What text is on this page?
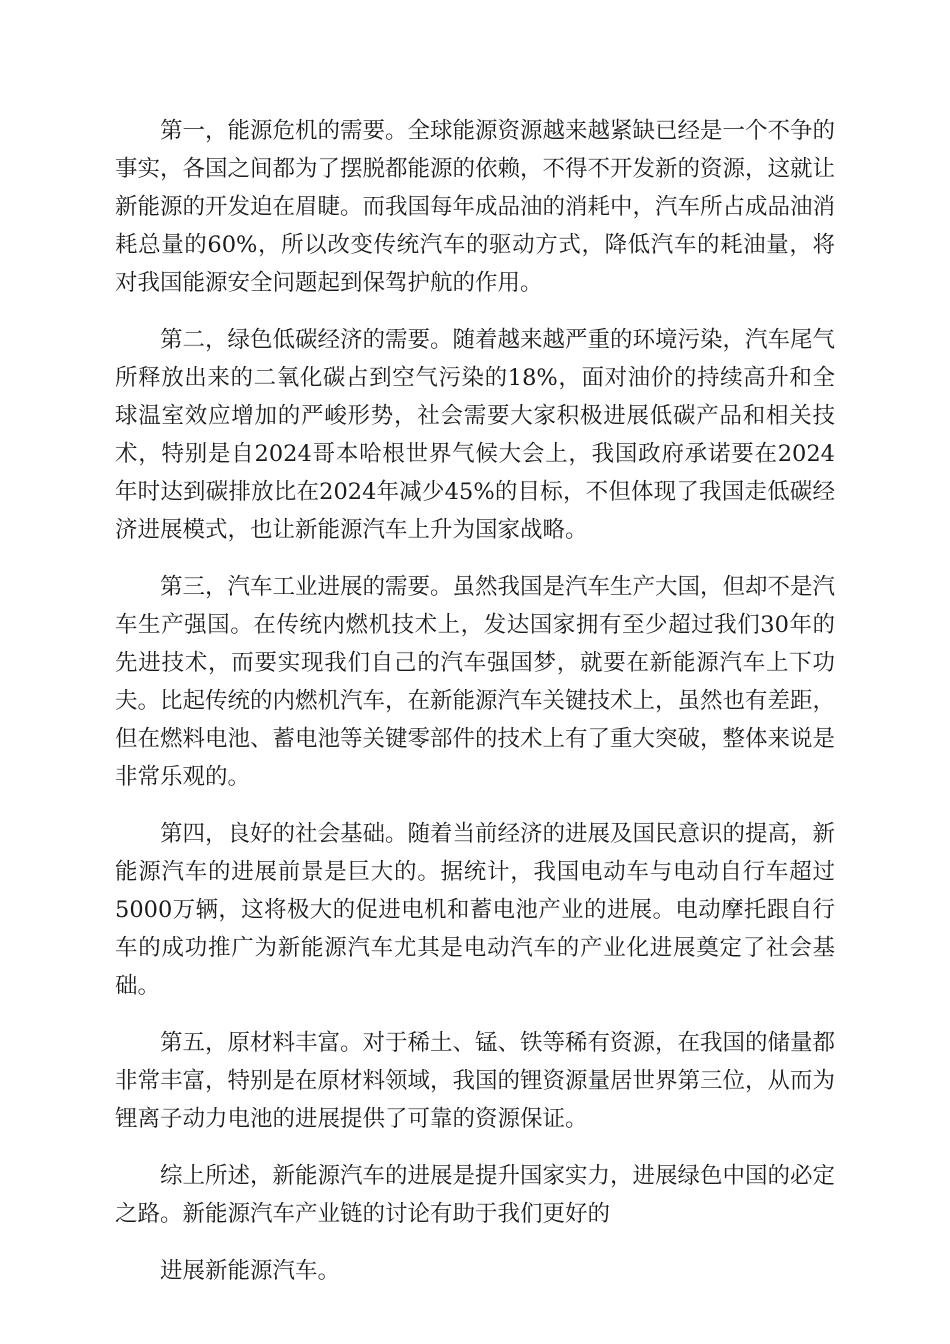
第一，能源危机的需要。全球能源资源越来越紧缺已经是一个不争的事实，各国之间都为了摆脱都能源的依赖，不得不开发新的资源，这就让新能源的开发迫在眉睫。而我国每年成品油的消耗中，汽车所占成品油消耗总量的60%，所以改变传统汽车的驱动方式，降低汽车的耗油量，将对我国能源安全问题起到保驾护航的作用。

第二，绿色低碳经济的需要。随着越来越严重的环境污染，汽车尾气所释放出来的二氧化碳占到空气污染的18%，面对油价的持续高升和全球温室效应增加的严峻形势，社会需要大家积极进展低碳产品和相关技术，特别是自2024哥本哈根世界气候大会上，我国政府承诺要在2024年时达到碳排放比在2024年减少45%的目标，不但体现了我国走低碳经济进展模式，也让新能源汽车上升为国家战略。

第三，汽车工业进展的需要。虽然我国是汽车生产大国，但却不是汽车生产强国。在传统内燃机技术上，发达国家拥有至少超过我们30年的先进技术，而要实现我们自己的汽车强国梦，就要在新能源汽车上下功夫。比起传统的内燃机汽车，在新能源汽车关键技术上，虽然也有差距，但在燃料电池、蓄电池等关键零部件的技术上有了重大突破，整体来说是非常乐观的。

第四，良好的社会基础。随着当前经济的进展及国民意识的提高，新能源汽车的进展前景是巨大的。据统计，我国电动车与电动自行车超过5000万辆，这将极大的促进电机和蓄电池产业的进展。电动摩托跟自行车的成功推广为新能源汽车尤其是电动汽车的产业化进展奠定了社会基础。

第五，原材料丰富。对于稀土、锰、铁等稀有资源，在我国的储量都非常丰富，特别是在原材料领域，我国的锂资源量居世界第三位，从而为锂离子动力电池的进展提供了可靠的资源保证。

综上所述，新能源汽车的进展是提升国家实力，进展绿色中国的必定之路。新能源汽车产业链的讨论有助于我们更好的

进展新能源汽车。
